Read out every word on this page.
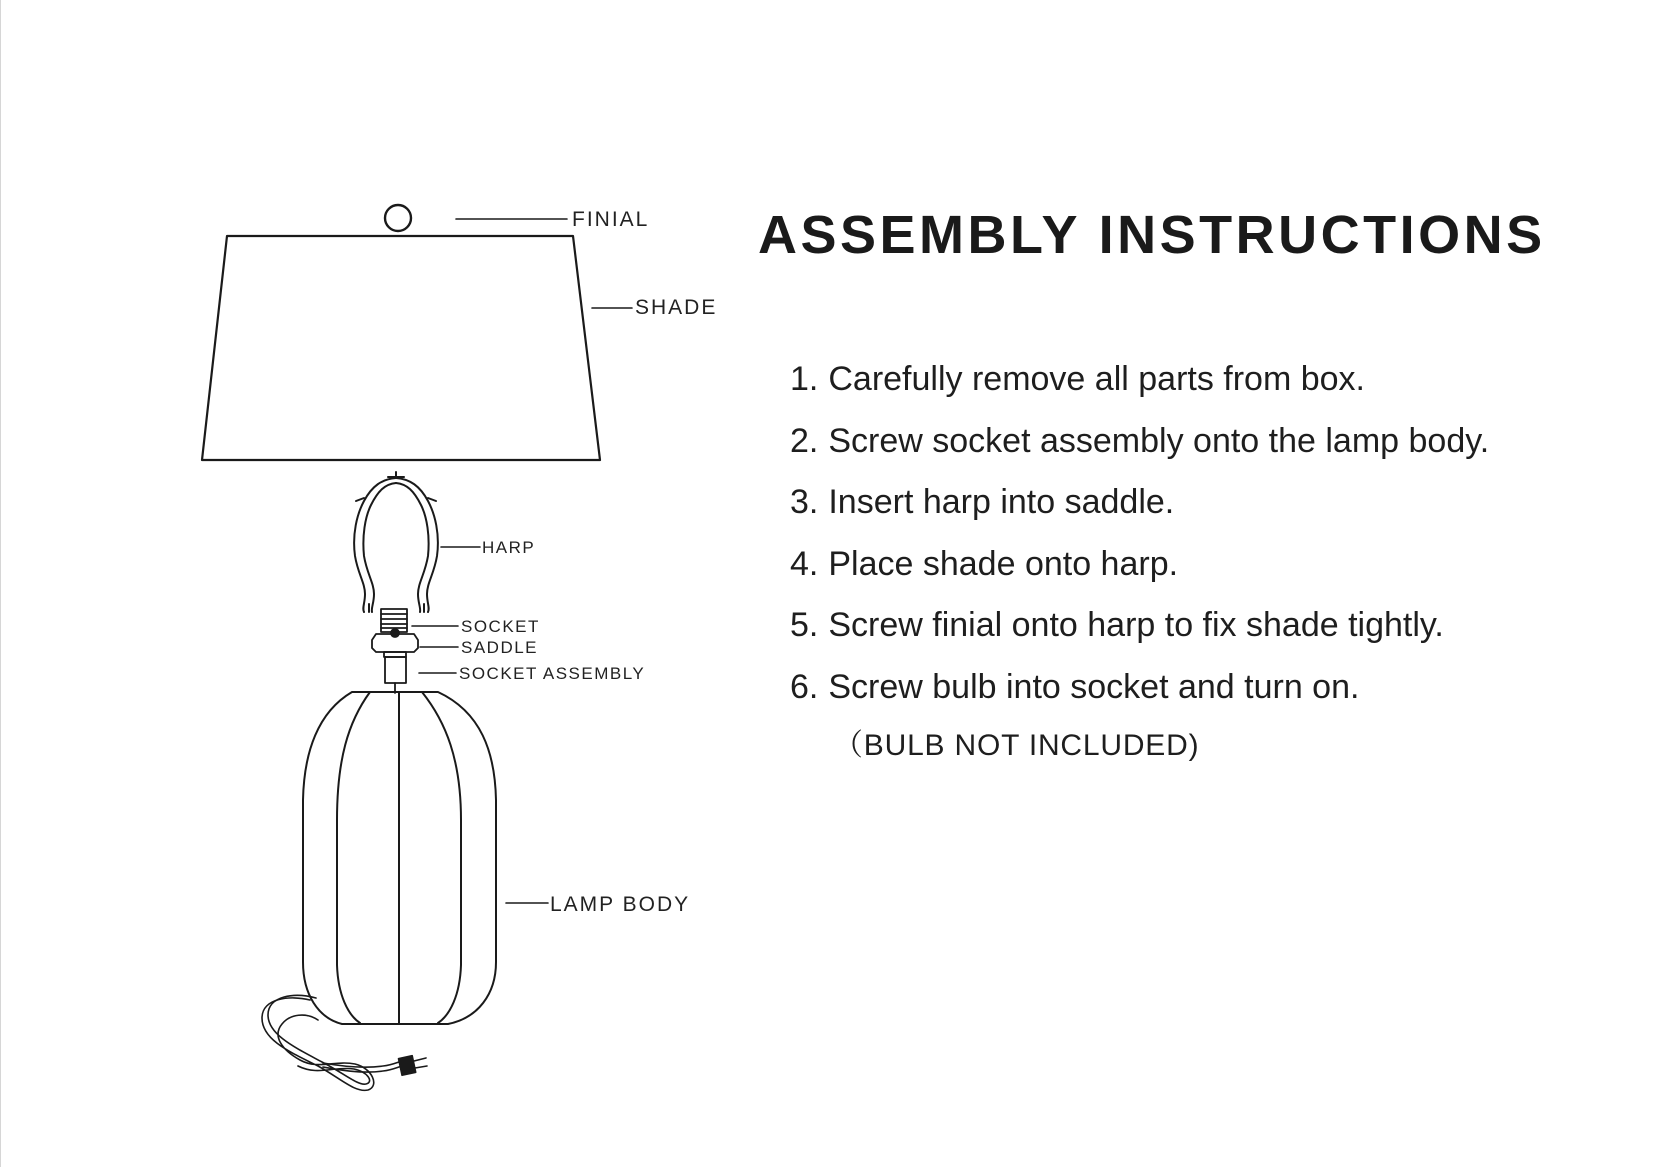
FINIAL
SHADE
HARP
SOCKET
SADDLE
SOCKET ASSEMBLY
LAMP BODY
ASSEMBLY INSTRUCTIONS
1. Carefully remove all parts from box.
2. Screw socket assembly onto the lamp body.
3. Insert harp into saddle.
4. Place shade onto harp.
5. Screw finial onto harp to fix shade tightly.
6. Screw bulb into socket and turn on.
（BULB NOT INCLUDED)
